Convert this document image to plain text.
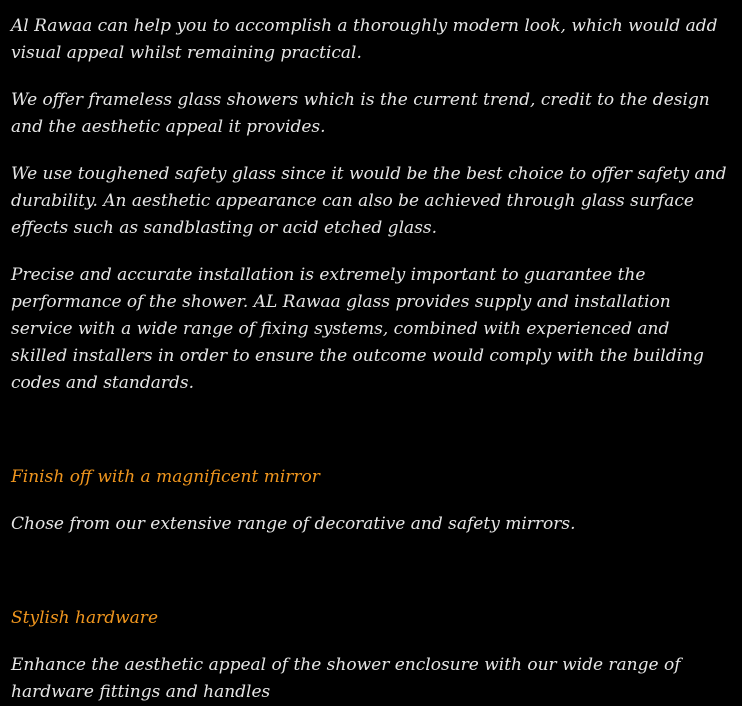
Al Rawaa can help you to accomplish a thoroughly modern look, which would add visual appeal whilst remaining practical.

We offer frameless glass showers which is the current trend, credit to the design and the aesthetic appeal it provides.

We use toughened safety glass since it would be the best choice to offer safety and durability. An aesthetic appearance can also be achieved through glass surface effects such as sandblasting or acid etched glass.

Precise and accurate installation is extremely important to guarantee the performance of the shower. AL Rawaa glass provides supply and installation service with a wide range of fixing systems, combined with experienced and skilled installers in order to ensure the outcome would comply with the building codes and standards.

Finish off with a magnificent mirror

Chose from our extensive range of decorative and safety mirrors.

Stylish hardware

Enhance the aesthetic appeal of the shower enclosure with our wide range of hardware fittings and handles
